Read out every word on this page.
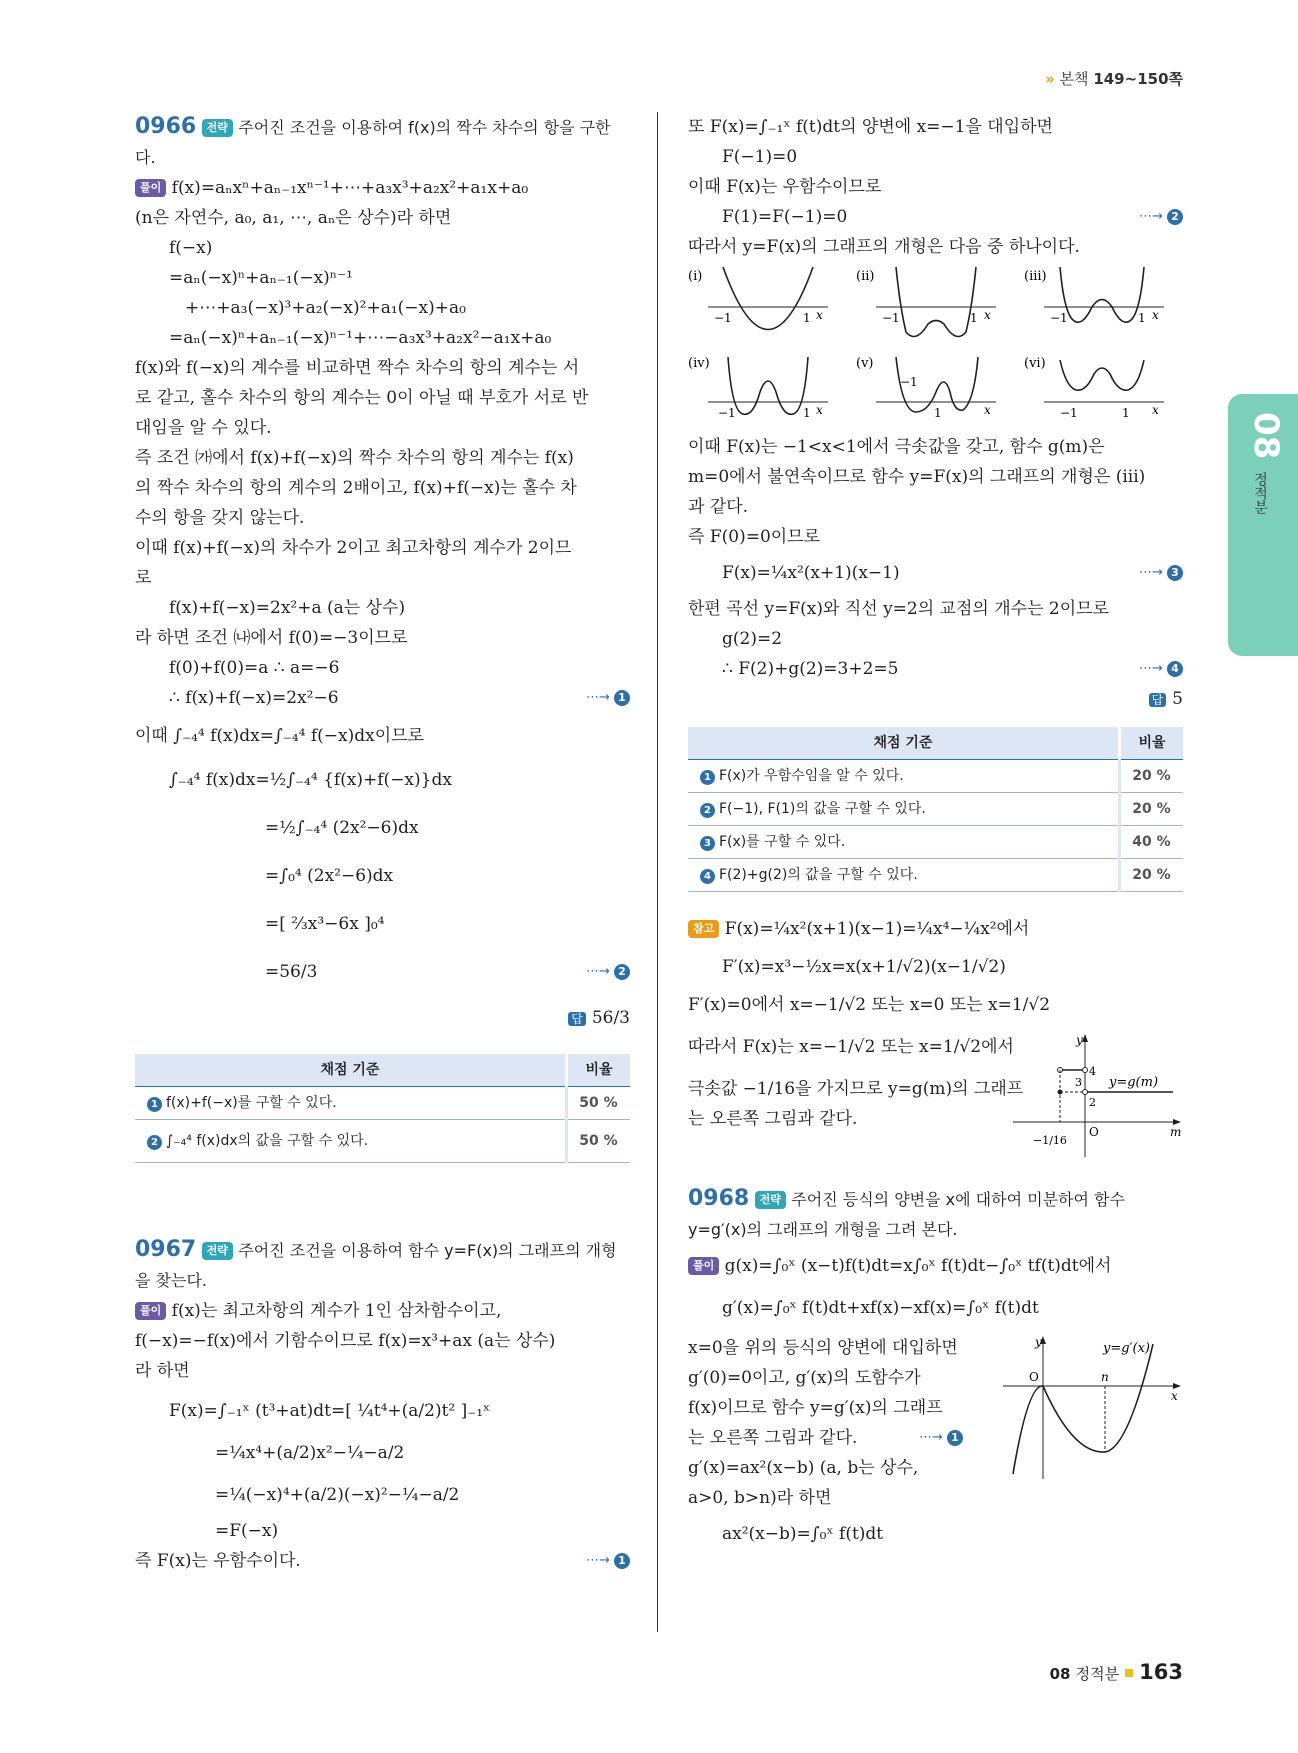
» 본책 149~150쪽
08
정적분
0966 전략 주어진 조건을 이용하여 f(x)의 짝수 차수의 항을 구한다.
풀이 f(x)=aₙxⁿ+aₙ₋₁xⁿ⁻¹+⋯+a₃x³+a₂x²+a₁x+a₀
(n은 자연수, a₀, a₁, ⋯, aₙ은 상수)라 하면
f(−x)
=aₙ(−x)ⁿ+aₙ₋₁(−x)ⁿ⁻¹
+⋯+a₃(−x)³+a₂(−x)²+a₁(−x)+a₀
=aₙ(−x)ⁿ+aₙ₋₁(−x)ⁿ⁻¹+⋯−a₃x³+a₂x²−a₁x+a₀
f(x)와 f(−x)의 계수를 비교하면 짝수 차수의 항의 계수는 서
로 같고, 홀수 차수의 항의 계수는 0이 아닐 때 부호가 서로 반
대임을 알 수 있다.
즉 조건 ㈎에서 f(x)+f(−x)의 짝수 차수의 항의 계수는 f(x)
의 짝수 차수의 항의 계수의 2배이고, f(x)+f(−x)는 홀수 차
수의 항을 갖지 않는다.
이때 f(x)+f(−x)의 차수가 2이고 최고차항의 계수가 2이므
로
f(x)+f(−x)=2x²+a (a는 상수)
라 하면 조건 ㈏에서 f(0)=−3이므로
f(0)+f(0)=a ∴ a=−6
∴ f(x)+f(−x)=2x²−6	⋯→ 1
이때 ∫₋₄⁴ f(x)dx=∫₋₄⁴ f(−x)dx이므로
∫₋₄⁴ f(x)dx=½∫₋₄⁴ {f(x)+f(−x)}dx
=½∫₋₄⁴ (2x²−6)dx
=∫₀⁴ (2x²−6)dx
=[ ⅔x³−6x ]₀⁴
=56/3	⋯→ 2
답 56/3
채점 기준	비율
1 f(x)+f(−x)를 구할 수 있다.	50 %
2 ∫₋₄⁴ f(x)dx의 값을 구할 수 있다.	50 %
0967 전략 주어진 조건을 이용하여 함수 y=F(x)의 그래프의 개형을 찾는다.
풀이 f(x)는 최고차항의 계수가 1인 삼차함수이고,
f(−x)=−f(x)에서 기함수이므로 f(x)=x³+ax (a는 상수)
라 하면
F(x)=∫₋₁ˣ (t³+at)dt=[ ¼t⁴+(a/2)t² ]₋₁ˣ
=¼x⁴+(a/2)x²−¼−a/2
=¼(−x)⁴+(a/2)(−x)²−¼−a/2
=F(−x)
즉 F(x)는 우함수이다.	⋯→ 1
또 F(x)=∫₋₁ˣ f(t)dt의 양변에 x=−1을 대입하면
F(−1)=0
이때 F(x)는 우함수이므로
F(1)=F(−1)=0	⋯→ 2
따라서 y=F(x)의 그래프의 개형은 다음 중 하나이다.
(i)
−1	1 x
(ii)
−1	1 x
(iii)
−1	1 x
(iv)
−1	1 x
(v)
−1
1	x
(vi)
−1	1 x
이때 F(x)는 −1<x<1에서 극솟값을 갖고, 함수 g(m)은
m=0에서 불연속이므로 함수 y=F(x)의 그래프의 개형은 (iii)
과 같다.
즉 F(0)=0이므로
F(x)=¼x²(x+1)(x−1)	⋯→ 3
한편 곡선 y=F(x)와 직선 y=2의 교점의 개수는 2이므로
g(2)=2
∴ F(2)+g(2)=3+2=5	⋯→ 4
답 5
채점 기준	비율
1 F(x)가 우함수임을 알 수 있다.	20 %
2 F(−1), F(1)의 값을 구할 수 있다.	20 %
3 F(x)를 구할 수 있다.	40 %
4 F(2)+g(2)의 값을 구할 수 있다.	20 %
참고 F(x)=¼x²(x+1)(x−1)=¼x⁴−¼x²에서
F′(x)=x³−½x=x(x+1/√2)(x−1/√2)
F′(x)=0에서 x=−1/√2 또는 x=0 또는 x=1/√2
따라서 F(x)는 x=−1/√2 또는 x=1/√2에서
극솟값 −1/16을 가지므로 y=g(m)의 그래프
는 오른쪽 그림과 같다.
y
m
O
4
3
2
y=g(m)
−1/16
0968 전략 주어진 등식의 양변을 x에 대하여 미분하여 함수
y=g′(x)의 그래프의 개형을 그려 본다.
풀이 g(x)=∫₀ˣ (x−t)f(t)dt=x∫₀ˣ f(t)dt−∫₀ˣ tf(t)dt에서
g′(x)=∫₀ˣ f(t)dt+xf(x)−xf(x)=∫₀ˣ f(t)dt
x=0을 위의 등식의 양변에 대입하면
g′(0)=0이고, g′(x)의 도함수가
f(x)이므로 함수 y=g′(x)의 그래프
는 오른쪽 그림과 같다.	⋯→ 1
g′(x)=ax²(x−b) (a, b는 상수,
a>0, b>n)라 하면
ax²(x−b)=∫₀ˣ f(t)dt
y
x
O	n
y=g′(x)
08 정적분 163
